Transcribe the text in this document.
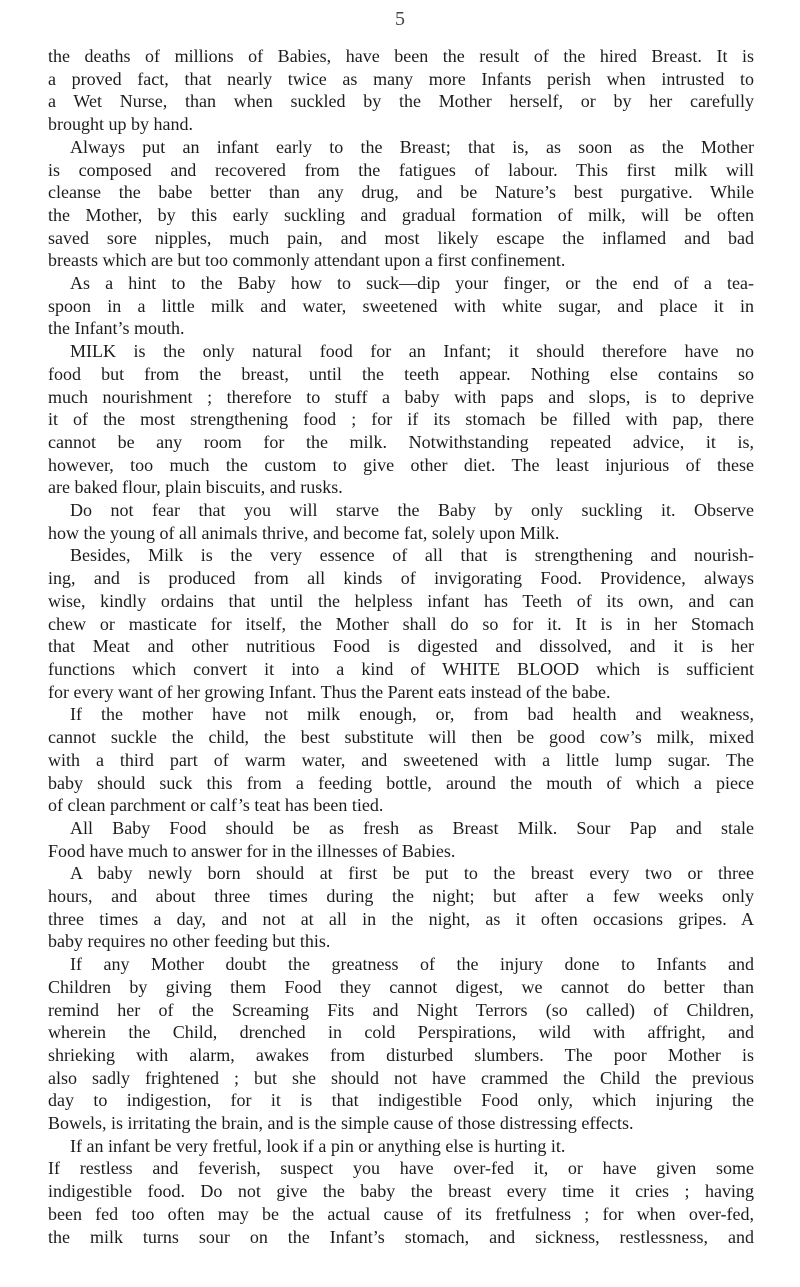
5
the deaths of millions of Babies, have been the result of the hired Breast. It is
a proved fact, that nearly twice as many more Infants perish when intrusted to
a Wet Nurse, than when suckled by the Mother herself, or by her carefully
brought up by hand.
Always put an infant early to the Breast; that is, as soon as the Mother
is composed and recovered from the fatigues of labour. This first milk will
cleanse the babe better than any drug, and be Nature’s best purgative. While
the Mother, by this early suckling and gradual formation of milk, will be often
saved sore nipples, much pain, and most likely escape the inflamed and bad
breasts which are but too commonly attendant upon a first confinement.
As a hint to the Baby how to suck—dip your finger, or the end of a tea-
spoon in a little milk and water, sweetened with white sugar, and place it in
the Infant’s mouth.
MILK is the only natural food for an Infant; it should therefore have no
food but from the breast, until the teeth appear. Nothing else contains so
much nourishment ; therefore to stuff a baby with paps and slops, is to deprive
it of the most strengthening food ; for if its stomach be filled with pap, there
cannot be any room for the milk. Notwithstanding repeated advice, it is,
however, too much the custom to give other diet. The least injurious of these
are baked flour, plain biscuits, and rusks.
Do not fear that you will starve the Baby by only suckling it. Observe
how the young of all animals thrive, and become fat, solely upon Milk.
Besides, Milk is the very essence of all that is strengthening and nourish-
ing, and is produced from all kinds of invigorating Food. Providence, always
wise, kindly ordains that until the helpless infant has Teeth of its own, and can
chew or masticate for itself, the Mother shall do so for it. It is in her Stomach
that Meat and other nutritious Food is digested and dissolved, and it is her
functions which convert it into a kind of WHITE BLOOD which is sufficient
for every want of her growing Infant. Thus the Parent eats instead of the babe.
If the mother have not milk enough, or, from bad health and weakness,
cannot suckle the child, the best substitute will then be good cow’s milk, mixed
with a third part of warm water, and sweetened with a little lump sugar. The
baby should suck this from a feeding bottle, around the mouth of which a piece
of clean parchment or calf’s teat has been tied.
All Baby Food should be as fresh as Breast Milk. Sour Pap and stale
Food have much to answer for in the illnesses of Babies.
A baby newly born should at first be put to the breast every two or three
hours, and about three times during the night; but after a few weeks only
three times a day, and not at all in the night, as it often occasions gripes. A
baby requires no other feeding but this.
If any Mother doubt the greatness of the injury done to Infants and
Children by giving them Food they cannot digest, we cannot do better than
remind her of the Screaming Fits and Night Terrors (so called) of Children,
wherein the Child, drenched in cold Perspirations, wild with affright, and
shrieking with alarm, awakes from disturbed slumbers. The poor Mother is
also sadly frightened ; but she should not have crammed the Child the previous
day to indigestion, for it is that indigestible Food only, which injuring the
Bowels, is irritating the brain, and is the simple cause of those distressing effects.
If an infant be very fretful, look if a pin or anything else is hurting it.
If restless and feverish, suspect you have over-fed it, or have given some
indigestible food. Do not give the baby the breast every time it cries ; having
been fed too often may be the actual cause of its fretfulness ; for when over-fed,
the milk turns sour on the Infant’s stomach, and sickness, restlessness, and
